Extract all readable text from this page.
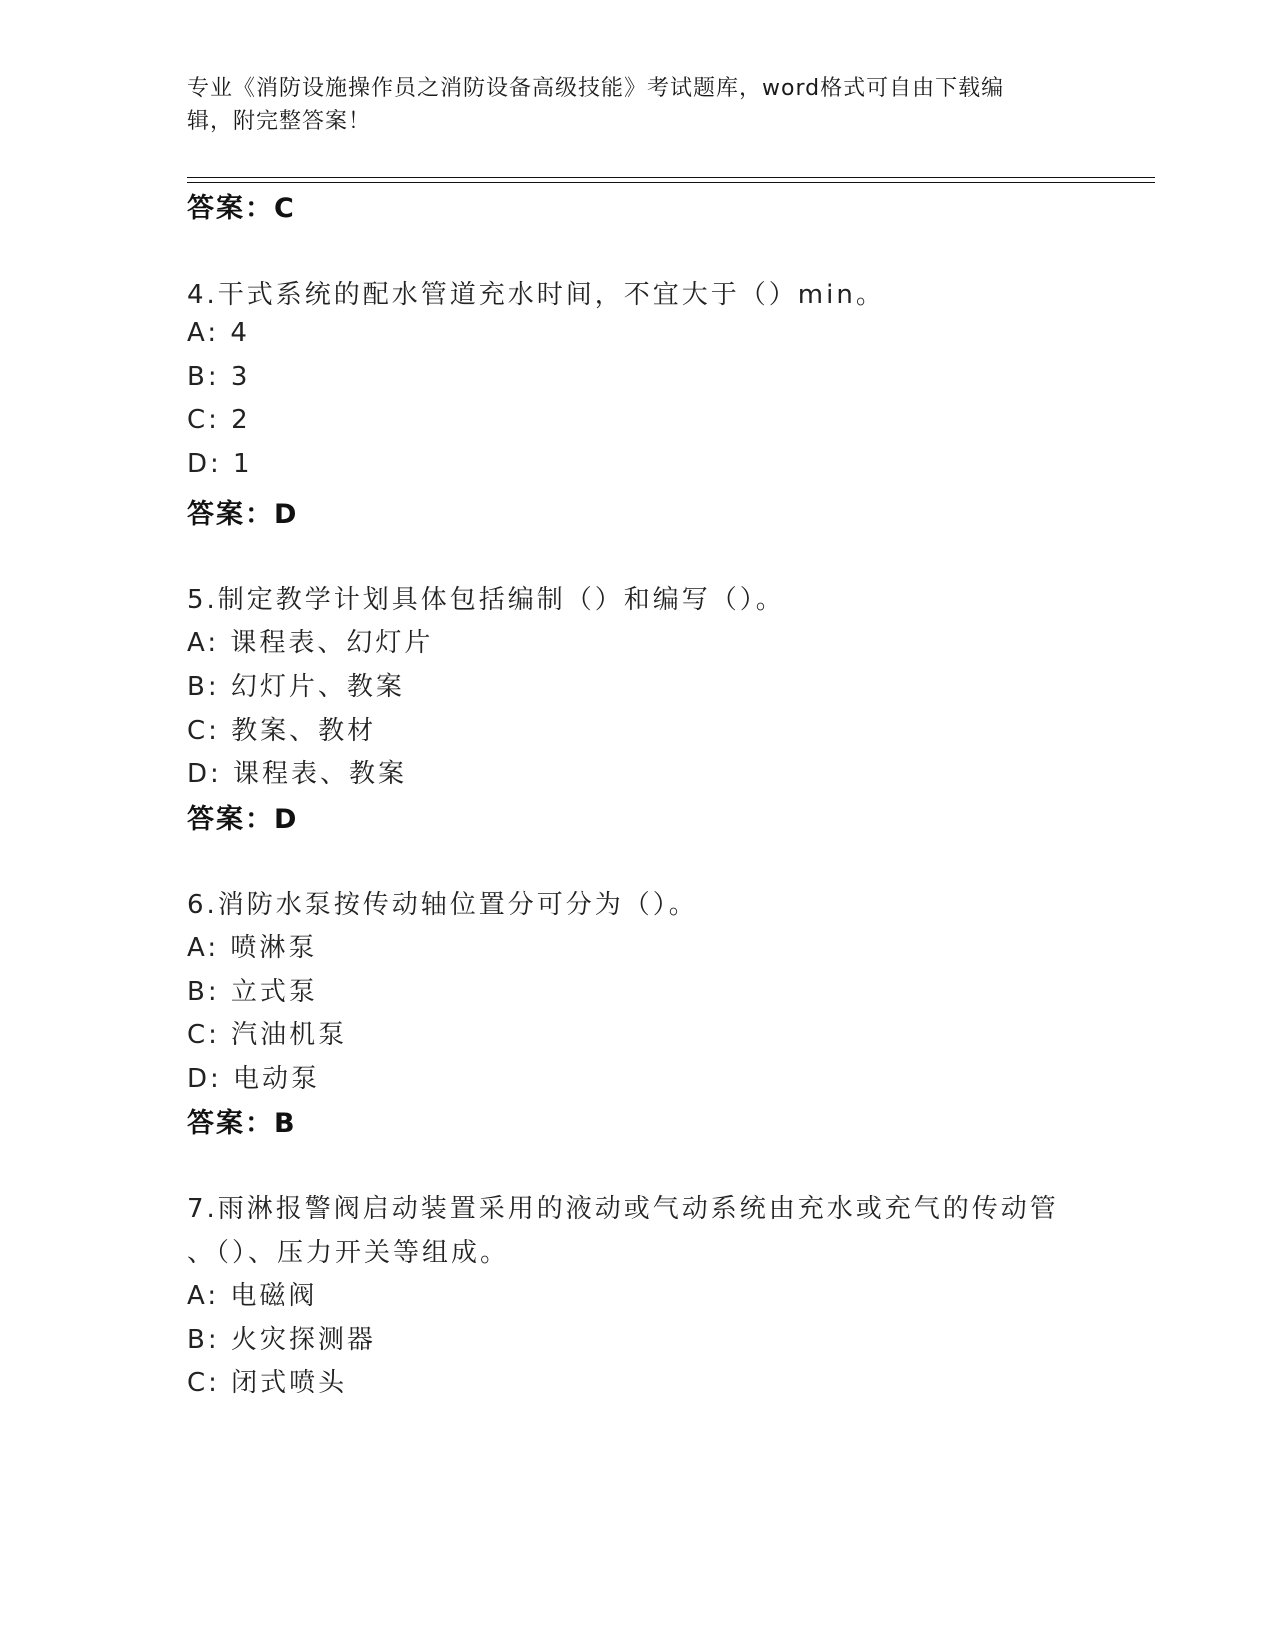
专业《消防设施操作员之消防设备高级技能》考试题库，word格式可自由下载编
辑，附完整答案！
答案：C
4.干式系统的配水管道充水时间，不宜大于（）min。
A: 4
B: 3
C: 2
D: 1
答案：D
5.制定教学计划具体包括编制（）和编写（）。
A: 课程表、幻灯片
B: 幻灯片、教案
C: 教案、教材
D: 课程表、教案
答案：D
6.消防水泵按传动轴位置分可分为（）。
A: 喷淋泵
B: 立式泵
C: 汽油机泵
D: 电动泵
答案：B
7.雨淋报警阀启动装置采用的液动或气动系统由充水或充气的传动管
、（）、压力开关等组成。
A: 电磁阀
B: 火灾探测器
C: 闭式喷头
